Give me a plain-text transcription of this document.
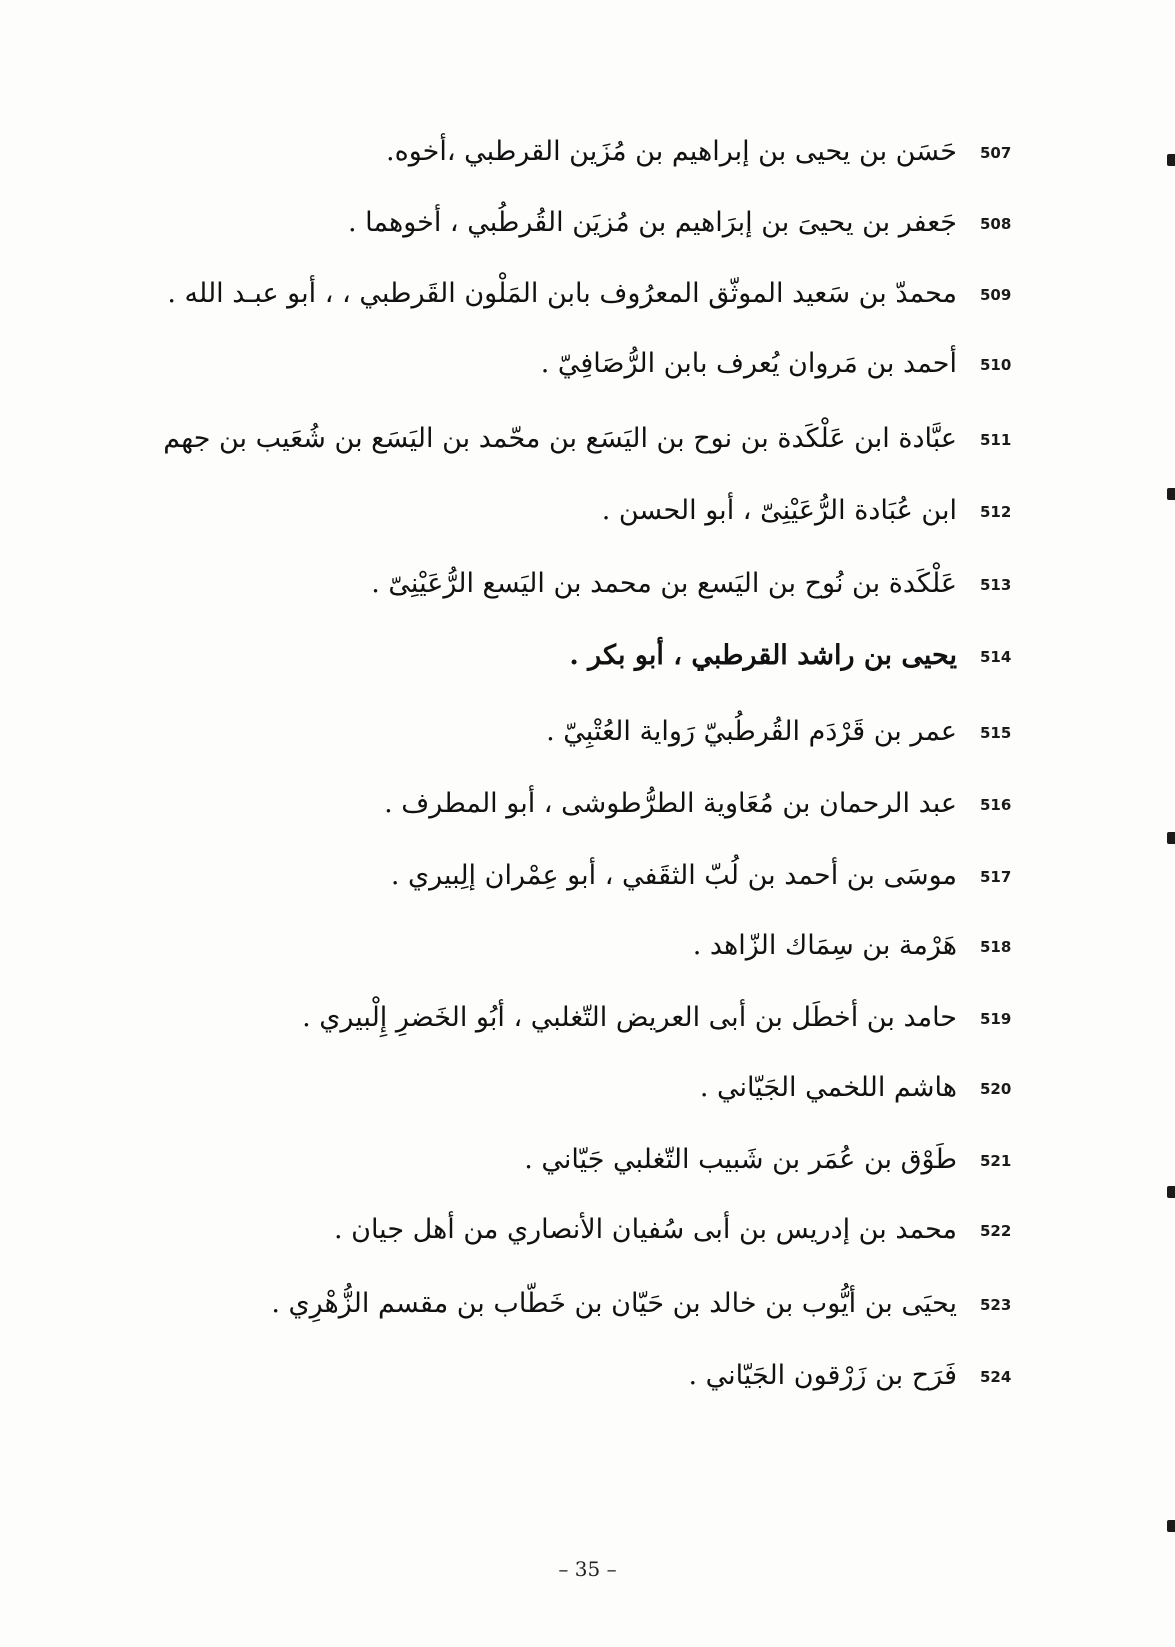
507
حَسَن بن يحيى بن إبراهيم بن مُزَين القرطبي ،أخوه.
508
جَعفر بن يحيىَ بن إبرَاهيم بن مُزيَن القُرطُبي ، أخوهما .
509
محمدّ بن سَعيد الموثّق المعرُوف بابن المَلْون القَرطبي ، ، أبو عبـد الله .
510
أحمد بن مَروان يُعرف بابن الرُّصَافِيّ .
511
عبَّادة ابن عَلْكَدة بن نوح بن اليَسَع بن محّمد بن اليَسَع بن شُعَيب بن جهم
512
ابن عُبَادة الرُّعَيْنِىّ ، أبو الحسن .
513
عَلْكَدة بن نُوح بن اليَسع بن محمد بن اليَسع الرُّعَيْنِىّ .
514
يحيى بن راشد القرطبي ، أبو بكر .
515
عمر بن قَرْدَم القُرطُبيّ رَواية العُتْبِيّ .
516
عبد الرحمان بن مُعَاوية الطرُّطوشى ، أبو المطرف .
517
موسَى بن أحمد بن لُبّ الثقَفي ، أبو عِمْران إلِبيري .
518
هَرْمة بن سِمَاك الزّاهد .
519
حامد بن أخطَل بن أبى العريض التّغلبي ، أبُو الخَضرِ إِلْبيري .
520
هاشم اللخمي الجَيّاني .
521
طَوْق بن عُمَر بن شَبيب التّغلبي جَيّاني .
522
محمد بن إدريس بن أبى سُفيان الأنصاري من أهل جيان .
523
يحيَى بن أيُّوب بن خالد بن حَيّان بن خَطّاب بن مقسم الزُّهْرِي .
524
فَرَح بن زَرْقون الجَيّاني .
– 35 –
